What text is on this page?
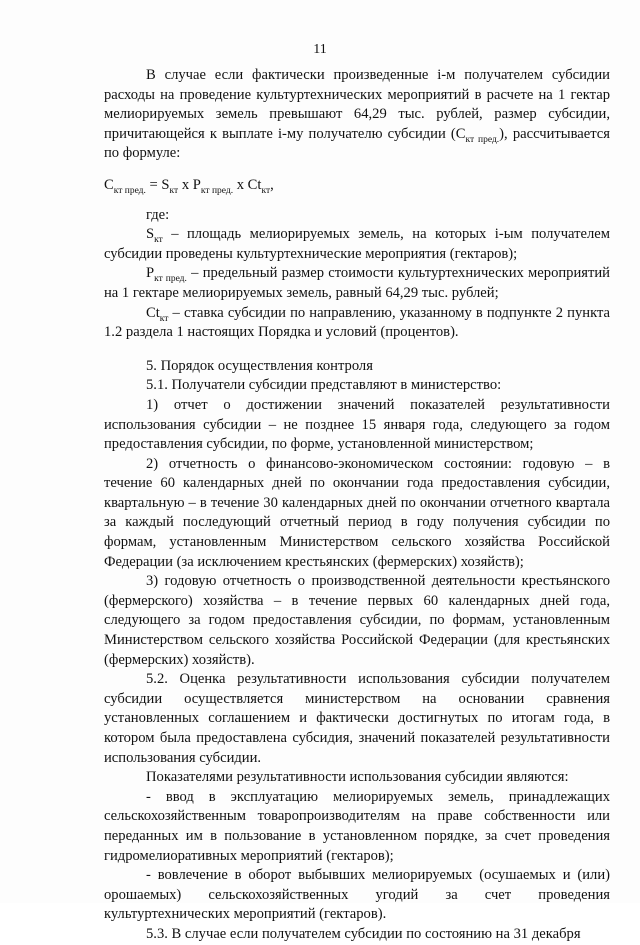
11

В случае если фактически произведенные i-м получателем субсидии расходы на проведение культуртехнических мероприятий в расчете на 1 гектар мелиорируемых земель превышают 64,29 тыс. рублей, размер субсидии, причитающейся к выплате i-му получателю субсидии $(С_{кт пред.})$, рассчитывается по формуле:

$С_{кт пред.} = S_{кт}$ х $Р_{кт пред.}$ х $Ct_{кт}$,

где:

$S_{кт}$ – площадь мелиорируемых земель, на которых i-ым получателем субсидии проведены культуртехнические мероприятия (гектаров);

$Р_{кт пред.}$ – предельный размер стоимости культуртехнических мероприятий на 1 гектаре мелиорируемых земель, равный 64,29 тыс. рублей;

$Ct_{кт}$ – ставка субсидии по направлению, указанному в подпункте 2 пункта 1.2 раздела 1 настоящих Порядка и условий (процентов).

5. Порядок осуществления контроля

5.1. Получатели субсидии представляют в министерство:

1) отчет о достижении значений показателей результативности использования субсидии – не позднее 15 января года, следующего за годом предоставления субсидии, по форме, установленной министерством;

2) отчетность о финансово-экономическом состоянии: годовую – в течение 60 календарных дней по окончании года предоставления субсидии, квартальную – в течение 30 календарных дней по окончании отчетного квартала за каждый последующий отчетный период в году получения субсидии по формам, установленным Министерством сельского хозяйства Российской Федерации (за исключением крестьянских (фермерских) хозяйств);

3) годовую отчетность о производственной деятельности крестьянского (фермерского) хозяйства – в течение первых 60 календарных дней года, следующего за годом предоставления субсидии, по формам, установленным Министерством сельского хозяйства Российской Федерации (для крестьянских (фермерских) хозяйств).

5.2. Оценка результативности использования субсидии получателем субсидии осуществляется министерством на основании сравнения установленных соглашением и фактически достигнутых по итогам года, в котором была предоставлена субсидия, значений показателей результативности использования субсидии.

Показателями результативности использования субсидии являются:

- ввод в эксплуатацию мелиорируемых земель, принадлежащих сельскохозяйственным товаропроизводителям на праве собственности или переданных им в пользование в установленном порядке, за счет проведения гидромелиоративных мероприятий (гектаров);

- вовлечение в оборот выбывших мелиорируемых (осушаемых и (или) орошаемых) сельскохозяйственных угодий за счет проведения культуртехнических мероприятий (гектаров).

5.3. В случае если получателем субсидии по состоянию на 31 декабря
